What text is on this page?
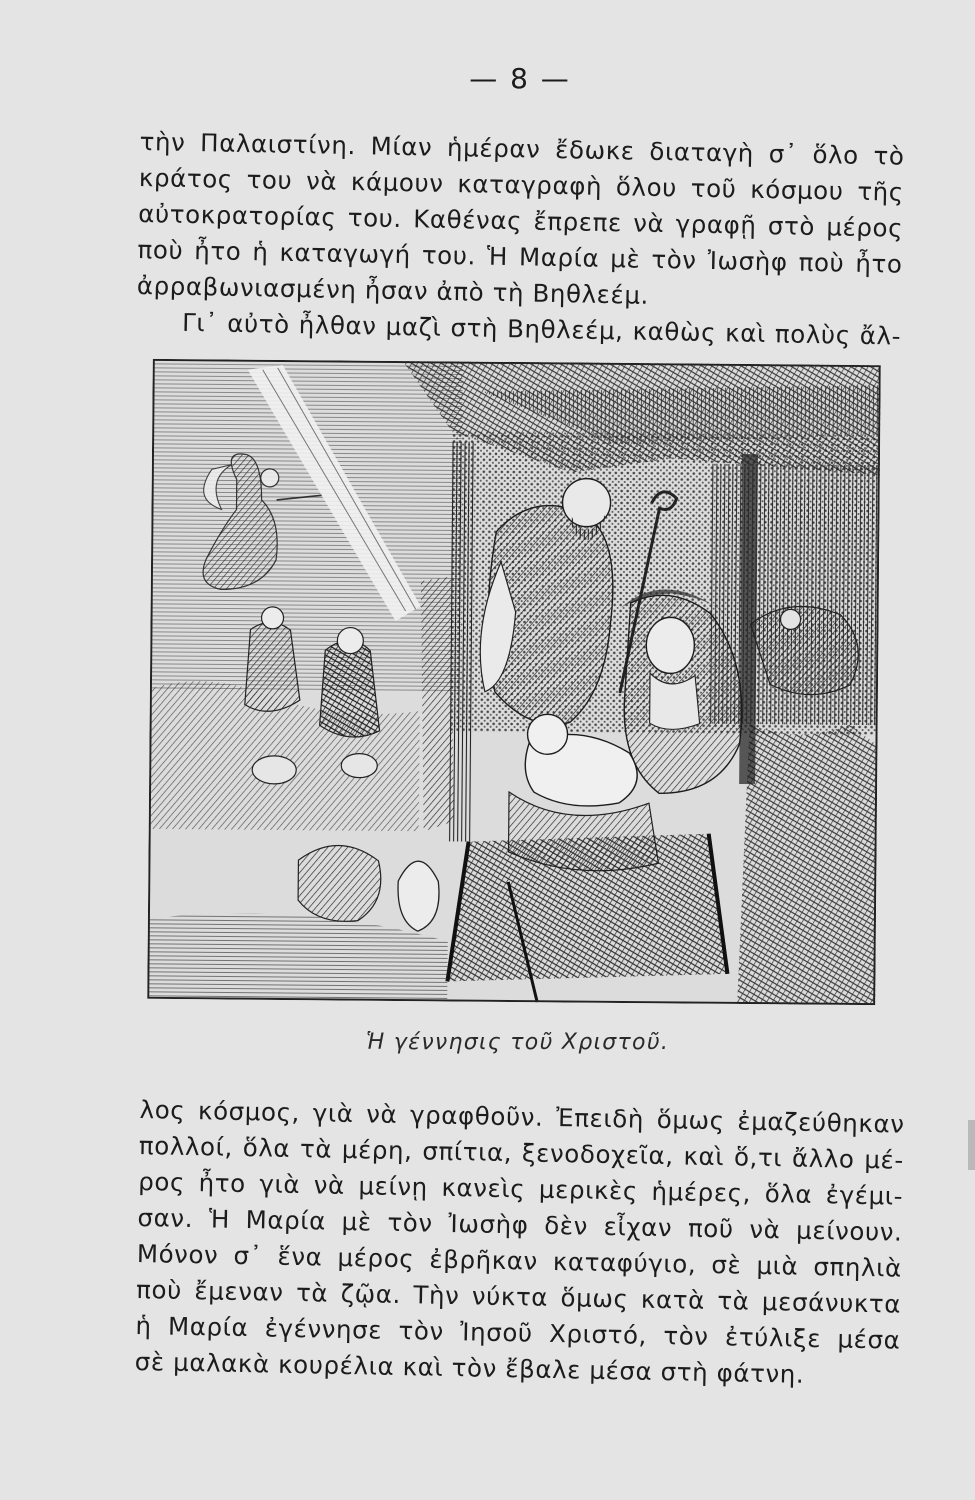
— 8 —
τὴν Παλαιστίνη. Μίαν ἡμέραν ἔδωκε διαταγὴ σ᾽ ὅλο τὸ
κράτος του νὰ κάμουν καταγραφὴ ὅλου τοῦ κόσμου τῆς
αὐτοκρατορίας του. Καθένας ἔπρεπε νὰ γραφῇ στὸ μέρος
ποὺ ἦτο ἡ καταγωγή του. Ἡ Μαρία μὲ τὸν Ἰωσὴφ ποὺ ἦτο
ἀρραβωνιασμένη ἦσαν ἀπὸ τὴ Βηθλεέμ.
Γι᾽ αὐτὸ ἦλθαν μαζὶ στὴ Βηθλεέμ, καθὼς καὶ πολὺς ἄλ-
Ἡ γέννησις τοῦ Χριστοῦ.
λος κόσμος, γιὰ νὰ γραφθοῦν. Ἐπειδὴ ὅμως ἐμαζεύθηκαν
πολλοί, ὅλα τὰ μέρη, σπίτια, ξενοδοχεῖα, καὶ ὅ,τι ἄλλο μέ-
ρος ἦτο γιὰ νὰ μείνῃ κανεὶς μερικὲς ἡμέρες, ὅλα ἐγέμι-
σαν. Ἡ Μαρία μὲ τὸν Ἰωσὴφ δὲν εἶχαν ποῦ νὰ μείνουν.
Μόνον σ᾽ ἕνα μέρος ἐβρῆκαν καταφύγιο, σὲ μιὰ σπηλιὰ
ποὺ ἔμεναν τὰ ζῷα. Τὴν νύκτα ὅμως κατὰ τὰ μεσάνυκτα
ἡ Μαρία ἐγέννησε τὸν Ἰησοῦ Χριστό, τὸν ἐτύλιξε μέσα
σὲ μαλακὰ κουρέλια καὶ τὸν ἔβαλε μέσα στὴ φάτνη.
